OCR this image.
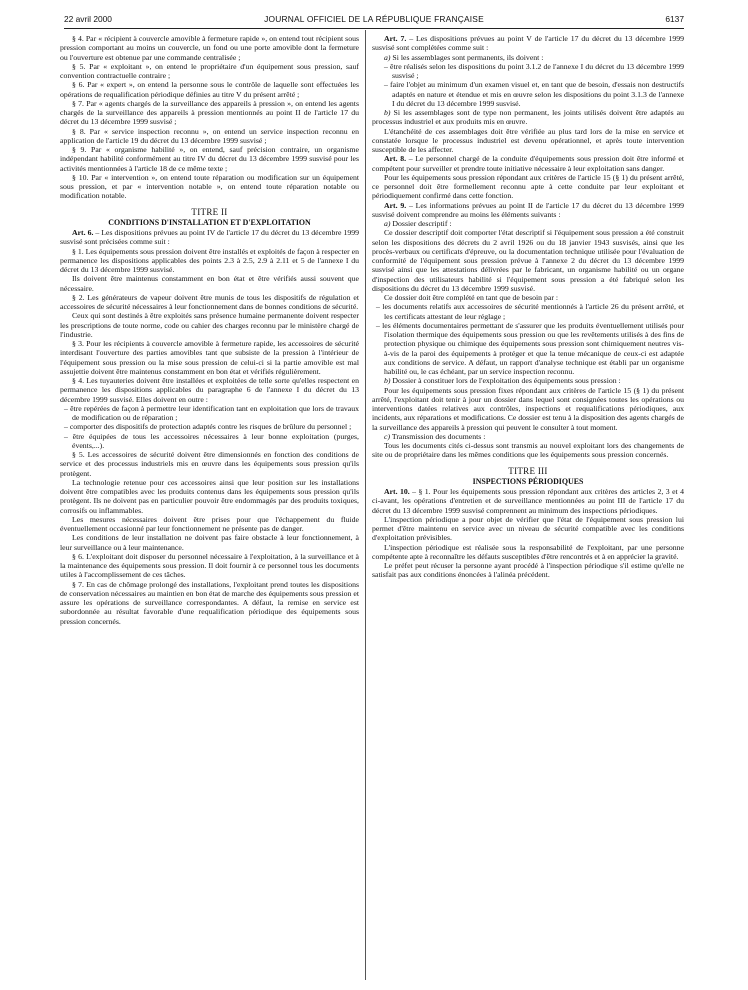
22 avril 2000	JOURNAL OFFICIEL DE LA RÉPUBLIQUE FRANÇAISE	6137

§ 4. Par « récipient à couvercle amovible à fermeture rapide », on entend tout récipient sous pression comportant au moins un couvercle, un fond ou une porte amovible dont la fermeture ou l'ouverture est obtenue par une commande centralisée ;

§ 5. Par « exploitant », on entend le propriétaire d'un équipement sous pression, sauf convention contractuelle contraire ;

§ 6. Par « expert », on entend la personne sous le contrôle de laquelle sont effectuées les opérations de requalification périodique définies au titre V du présent arrêté ;

§ 7. Par « agents chargés de la surveillance des appareils à pression », on entend les agents chargés de la surveillance des appareils à pression mentionnés au point II de l'article 17 du décret du 13 décembre 1999 susvisé ;

§ 8. Par « service inspection reconnu », on entend un service inspection reconnu en application de l'article 19 du décret du 13 décembre 1999 susvisé ;

§ 9. Par « organisme habilité », on entend, sauf précision contraire, un organisme indépendant habilité conformément au titre IV du décret du 13 décembre 1999 susvisé pour les activités mentionnées à l'article 18 de ce même texte ;

§ 10. Par « intervention », on entend toute réparation ou modification sur un équipement sous pression, et par « intervention notable », on entend toute réparation notable ou modification notable.

TITRE II
CONDITIONS D'INSTALLATION ET D'EXPLOITATION

Art. 6. – Les dispositions prévues au point IV de l'article 17 du décret du 13 décembre 1999 susvisé sont précisées comme suit :

§ 1. Les équipements sous pression doivent être installés et exploités de façon à respecter en permanence les dispositions applicables des points 2.3 à 2.5, 2.9 à 2.11 et 5 de l'annexe I du décret du 13 décembre 1999 susvisé.

Ils doivent être maintenus constamment en bon état et être vérifiés aussi souvent que nécessaire.

§ 2. Les générateurs de vapeur doivent être munis de tous les dispositifs de régulation et accessoires de sécurité nécessaires à leur fonctionnement dans de bonnes conditions de sécurité.

Ceux qui sont destinés à être exploités sans présence humaine permanente doivent respecter les prescriptions de toute norme, code ou cahier des charges reconnu par le ministère chargé de l'industrie.

§ 3. Pour les récipients à couvercle amovible à fermeture rapide, les accessoires de sécurité interdisant l'ouverture des parties amovibles tant que subsiste de la pression à l'intérieur de l'équipement sous pression ou la mise sous pression de celui-ci si la partie amovible est mal assujettie doivent être maintenus constamment en bon état et vérifiés régulièrement.

§ 4. Les tuyauteries doivent être installées et exploitées de telle sorte qu'elles respectent en permanence les dispositions applicables du paragraphe 6 de l'annexe I du décret du 13 décembre 1999 susvisé. Elles doivent en outre :

– être repérées de façon à permettre leur identification tant en exploitation que lors de travaux de modification ou de réparation ;

– comporter des dispositifs de protection adaptés contre les risques de brûlure du personnel ;

– être équipées de tous les accessoires nécessaires à leur bonne exploitation (purges, évents,...).

§ 5. Les accessoires de sécurité doivent être dimensionnés en fonction des conditions de service et des processus industriels mis en œuvre dans les équipements sous pression qu'ils protègent.

La technologie retenue pour ces accessoires ainsi que leur position sur les installations doivent être compatibles avec les produits contenus dans les équipements sous pression qu'ils protègent. Ils ne doivent pas en particulier pouvoir être endommagés par des produits toxiques, corrosifs ou inflammables.

Les mesures nécessaires doivent être prises pour que l'échappement du fluide éventuellement occasionné par leur fonctionnement ne présente pas de danger.

Les conditions de leur installation ne doivent pas faire obstacle à leur fonctionnement, à leur surveillance ou à leur maintenance.

§ 6. L'exploitant doit disposer du personnel nécessaire à l'exploitation, à la surveillance et à la maintenance des équipements sous pression. Il doit fournir à ce personnel tous les documents utiles à l'accomplissement de ces tâches.

§ 7. En cas de chômage prolongé des installations, l'exploitant prend toutes les dispositions de conservation nécessaires au maintien en bon état de marche des équipements sous pression et assure les opérations de surveillance correspondantes. A défaut, la remise en service est subordonnée au résultat favorable d'une requalification périodique des équipements sous pression concernés.

Art. 7. – Les dispositions prévues au point V de l'article 17 du décret du 13 décembre 1999 susvisé sont complétées comme suit :

a) Si les assemblages sont permanents, ils doivent :

– être réalisés selon les dispositions du point 3.1.2 de l'annexe I du décret du 13 décembre 1999 susvisé ;

– faire l'objet au minimum d'un examen visuel et, en tant que de besoin, d'essais non destructifs adaptés en nature et étendue et mis en œuvre selon les dispositions du point 3.1.3 de l'annexe I du décret du 13 décembre 1999 susvisé.

b) Si les assemblages sont de type non permanent, les joints utilisés doivent être adaptés au processus industriel et aux produits mis en œuvre.

L'étanchéité de ces assemblages doit être vérifiée au plus tard lors de la mise en service et constatée lorsque le processus industriel est devenu opérationnel, et après toute intervention susceptible de les affecter.

Art. 8. – Le personnel chargé de la conduite d'équipements sous pression doit être informé et compétent pour surveiller et prendre toute initiative nécessaire à leur exploitation sans danger.

Pour les équipements sous pression répondant aux critères de l'article 15 (§ 1) du présent arrêté, ce personnel doit être formellement reconnu apte à cette conduite par leur exploitant et périodiquement confirmé dans cette fonction.

Art. 9. – Les informations prévues au point II de l'article 17 du décret du 13 décembre 1999 susvisé doivent comprendre au moins les éléments suivants :

a) Dossier descriptif :

Ce dossier descriptif doit comporter l'état descriptif si l'équipement sous pression a été construit selon les dispositions des décrets du 2 avril 1926 ou du 18 janvier 1943 susvisés, ainsi que les procès-verbaux ou certificats d'épreuve, ou la documentation technique utilisée pour l'évaluation de conformité de l'équipement sous pression prévue à l'annexe 2 du décret du 13 décembre 1999 susvisé ainsi que les attestations délivrées par le fabricant, un organisme habilité ou un organe d'inspection des utilisateurs habilité si l'équipement sous pression a été fabriqué selon les dispositions du décret du 13 décembre 1999 susvisé.

Ce dossier doit être complété en tant que de besoin par :

– les documents relatifs aux accessoires de sécurité mentionnés à l'article 26 du présent arrêté, et les certificats attestant de leur réglage ;

– les éléments documentaires permettant de s'assurer que les produits éventuellement utilisés pour l'isolation thermique des équipements sous pression ou que les revêtements utilisés à des fins de protection physique ou chimique des équipements sous pression sont chimiquement neutres vis-à-vis de la paroi des équipements à protéger et que la tenue mécanique de ceux-ci est adaptée aux conditions de service. A défaut, un rapport d'analyse technique est établi par un organisme habilité ou, le cas échéant, par un service inspection reconnu.

b) Dossier à constituer lors de l'exploitation des équipements sous pression :

Pour les équipements sous pression fixes répondant aux critères de l'article 15 (§ 1) du présent arrêté, l'exploitant doit tenir à jour un dossier dans lequel sont consignées toutes les opérations ou interventions datées relatives aux contrôles, inspections et requalifications périodiques, aux incidents, aux réparations et modifications. Ce dossier est tenu à la disposition des agents chargés de la surveillance des appareils à pression qui peuvent le consulter à tout moment.

c) Transmission des documents :

Tous les documents cités ci-dessus sont transmis au nouvel exploitant lors des changements de site ou de propriétaire dans les mêmes conditions que les équipements sous pression concernés.

TITRE III
INSPECTIONS PÉRIODIQUES

Art. 10. – § 1. Pour les équipements sous pression répondant aux critères des articles 2, 3 et 4 ci-avant, les opérations d'entretien et de surveillance mentionnées au point III de l'article 17 du décret du 13 décembre 1999 susvisé comprennent au minimum des inspections périodiques.

L'inspection périodique a pour objet de vérifier que l'état de l'équipement sous pression lui permet d'être maintenu en service avec un niveau de sécurité compatible avec les conditions d'exploitation prévisibles.

L'inspection périodique est réalisée sous la responsabilité de l'exploitant, par une personne compétente apte à reconnaître les défauts susceptibles d'être rencontrés et à en apprécier la gravité.

Le préfet peut récuser la personne ayant procédé à l'inspection périodique s'il estime qu'elle ne satisfait pas aux conditions énoncées à l'alinéa précédent.
